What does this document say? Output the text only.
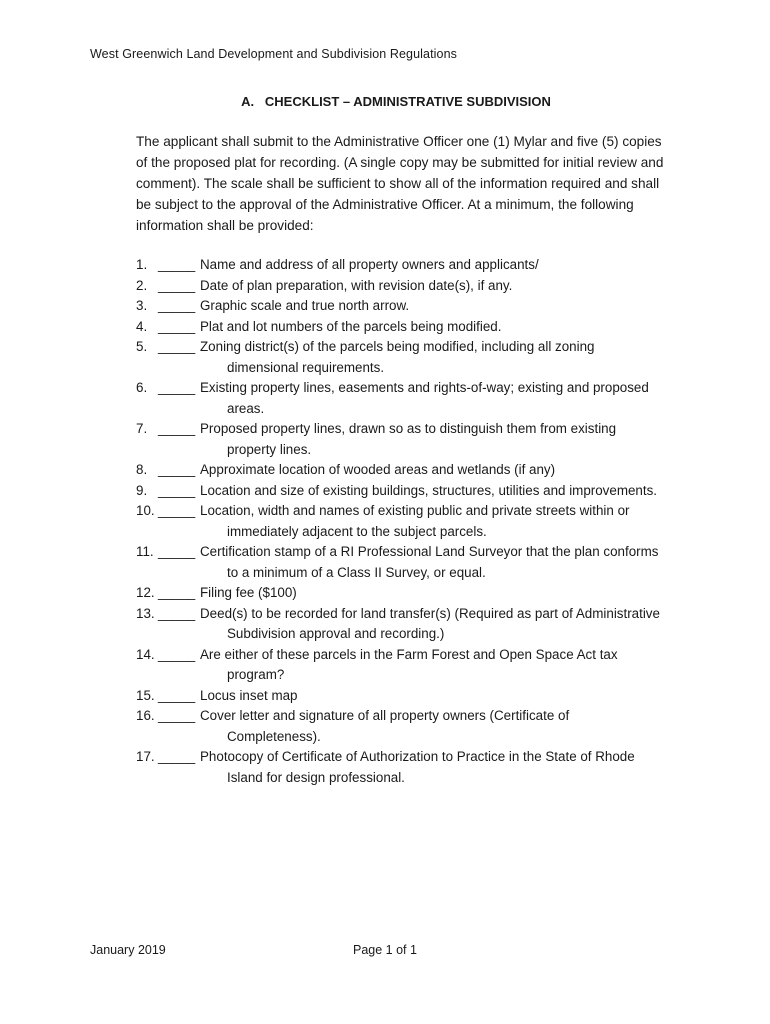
West Greenwich Land Development and Subdivision Regulations
A.   CHECKLIST – ADMINISTRATIVE SUBDIVISION
The applicant shall submit to the Administrative Officer one (1) Mylar and five (5) copies of the proposed plat for recording. (A single copy may be submitted for initial review and comment). The scale shall be sufficient to show all of the information required and shall be subject to the approval of the Administrative Officer. At a minimum, the following information shall be provided:
1. _____ Name and address of all property owners and applicants/
2. _____ Date of plan preparation, with revision date(s), if any.
3. _____ Graphic scale and true north arrow.
4. _____ Plat and lot numbers of the parcels being modified.
5. _____ Zoning district(s) of the parcels being modified, including all zoning
dimensional requirements.
6. _____ Existing property lines, easements and rights-of-way; existing and proposed
areas.
7. _____ Proposed property lines, drawn so as to distinguish them from existing
property lines.
8. _____ Approximate location of wooded areas and wetlands (if any)
9. _____ Location and size of existing buildings, structures, utilities and improvements.
10. _____ Location, width and names of existing public and private streets within or
immediately adjacent to the subject parcels.
11. _____ Certification stamp of a RI Professional Land Surveyor that the plan conforms
to a minimum of a Class II Survey, or equal.
12. _____ Filing fee ($100)
13. _____ Deed(s) to be recorded for land transfer(s) (Required as part of Administrative
Subdivision approval and recording.)
14. _____ Are either of these parcels in the Farm Forest and Open Space Act tax
program?
15. _____ Locus inset map
16. _____ Cover letter and signature of all property owners (Certificate of
Completeness).
17. _____ Photocopy of Certificate of Authorization to Practice in the State of Rhode
Island for design professional.
January 2019	Page 1 of 1
